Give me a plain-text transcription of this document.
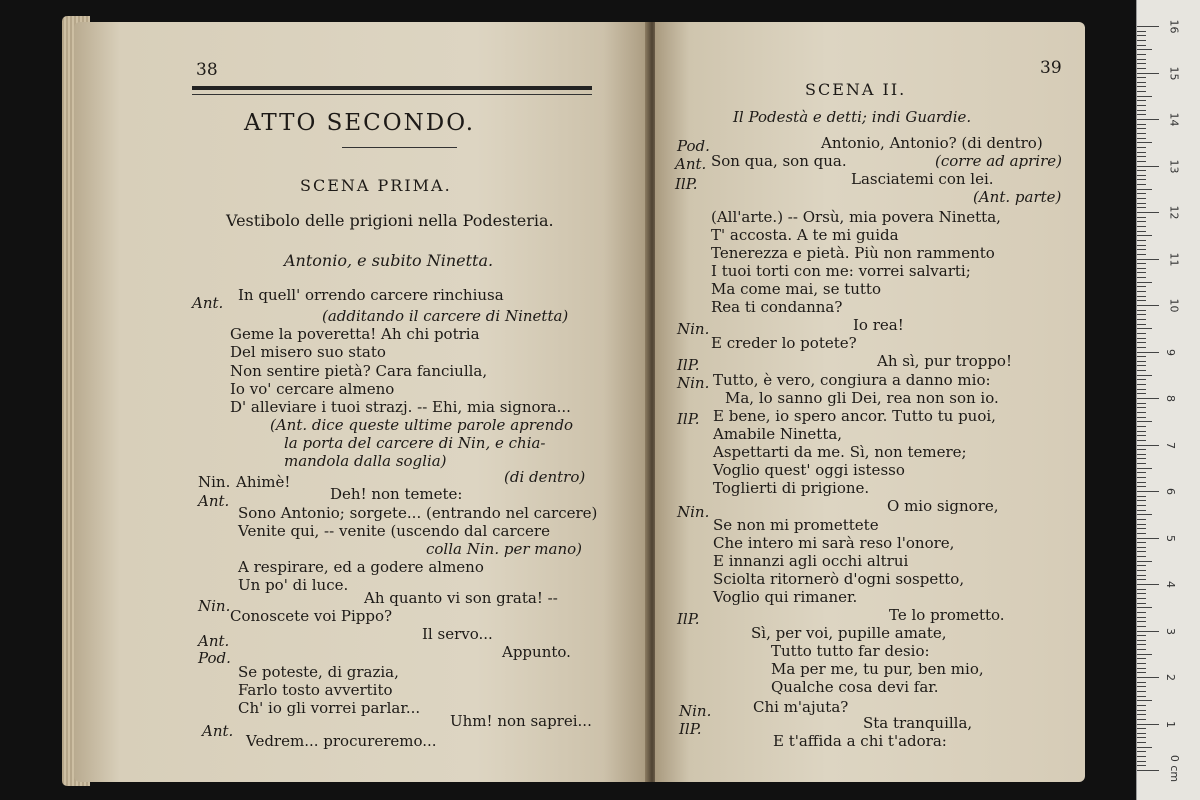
38
ATTO SECONDO.
SCENA PRIMA.
Vestibolo delle prigioni nella Podesteria.
Antonio, e subito Ninetta.
Ant. In quell' orrendo carcere rinchiusa
(additando il carcere di Ninetta)
Geme la poveretta! Ah chi potria
Del misero suo stato
Non sentire pietà? Cara fanciulla,
Io vo' cercare almeno
D' alleviare i tuoi strazj. -- Ehi, mia signora...
(Ant. dice queste ultime parole aprendo
la porta del carcere di Nin, e chia-
mandola dalla soglia)
Nin. Ahimè!	(di dentro)
Ant.	Deh! non temete:
Sono Antonio; sorgete... (entrando nel carcere)
Venite qui, -- venite (uscendo dal carcere
colla Nin. per mano)
A respirare, ed a godere almeno
Un po' di luce.
Nin.	Ah quanto vi son grata! --
Conoscete voi Pippo?
Ant.	Il servo...
Pod.	Appunto.
Se poteste, di grazia,
Farlo tosto avvertito
Ch' io gli vorrei parlar...
Ant.
Uhm! non saprei...
Vedrem... procureremo...
39
SCENA II.
Il Podestà e detti; indi Guardie.
Pod.	Antonio, Antonio? (di dentro)
Ant. Son qua, son qua.	(corre ad aprire)
IlP.	Lasciatemi con lei.
(Ant. parte)
(All'arte.) -- Orsù, mia povera Ninetta,
T' accosta. A te mi guida
Tenerezza e pietà. Più non rammento
I tuoi torti con me: vorrei salvarti;
Ma come mai, se tutto
Rea ti condanna?
Nin.	Io rea!
E creder lo potete?
IlP.	Ah sì, pur troppo!
Nin. Tutto, è vero, congiura a danno mio:
Ma, lo sanno gli Dei, rea non son io.
IlP. E bene, io spero ancor. Tutto tu puoi,
Amabile Ninetta,
Aspettarti da me. Sì, non temere;
Voglio quest' oggi istesso
Toglierti di prigione.
Nin.	O mio signore,
Se non mi promettete
Che intero mi sarà reso l'onore,
E innanzi agli occhi altrui
Sciolta ritornerò d'ogni sospetto,
Voglio qui rimaner.
IlP.	Te lo prometto.
Sì, per voi, pupille amate,
Tutto tutto far desio:
Ma per me, tu pur, ben mio,
Qualche cosa devi far.
Nin.	Chi m'ajuta?
IlP.	Sta tranquilla,
E t'affida a chi t'adora:
0 cm
1
2
3
4
5
6
7
8
9
10
11
12
13
14
15
16
